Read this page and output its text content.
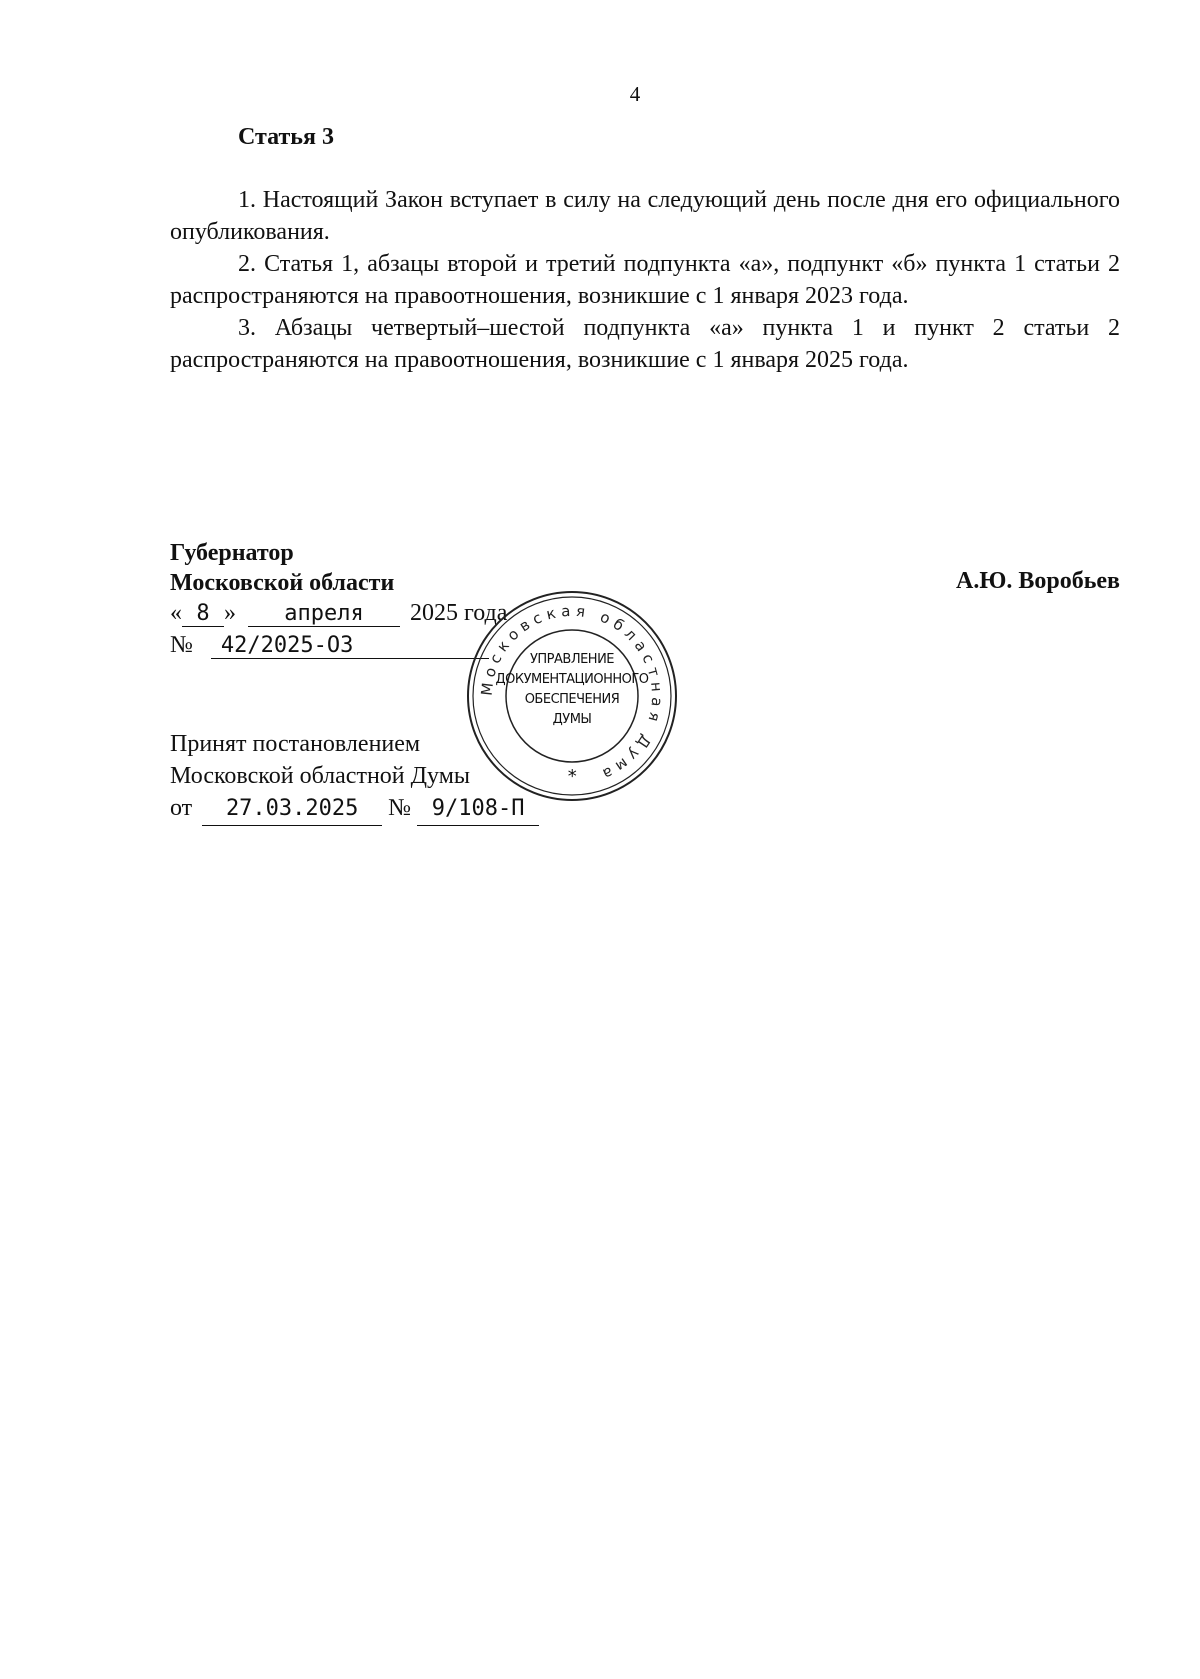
4
Статья 3

1. Настоящий Закон вступает в силу на следующий день после дня его официального опубликования.

2. Статья 1, абзацы второй и третий подпункта «а», подпункт «б» пункта 1 статьи 2 распространяются на правоотношения, возникшие с 1 января 2023 года.

3. Абзацы четвертый–шестой подпункта «а» пункта 1 и пункт 2 статьи 2 распространяются на правоотношения, возникшие с 1 января 2025 года.

Губернатор
Московской области	А.Ю. Воробьев
« 8 » апреля 2025 года
№ 42/2025-ОЗ
Принят постановлением
Московской областной Думы
от 27.03.2025 № 9/108-П
Московская областная Дума
УПРАВЛЕНИЕ
ДОКУМЕНТАЦИОННОГО
ОБЕСПЕЧЕНИЯ
ДУМЫ
*
